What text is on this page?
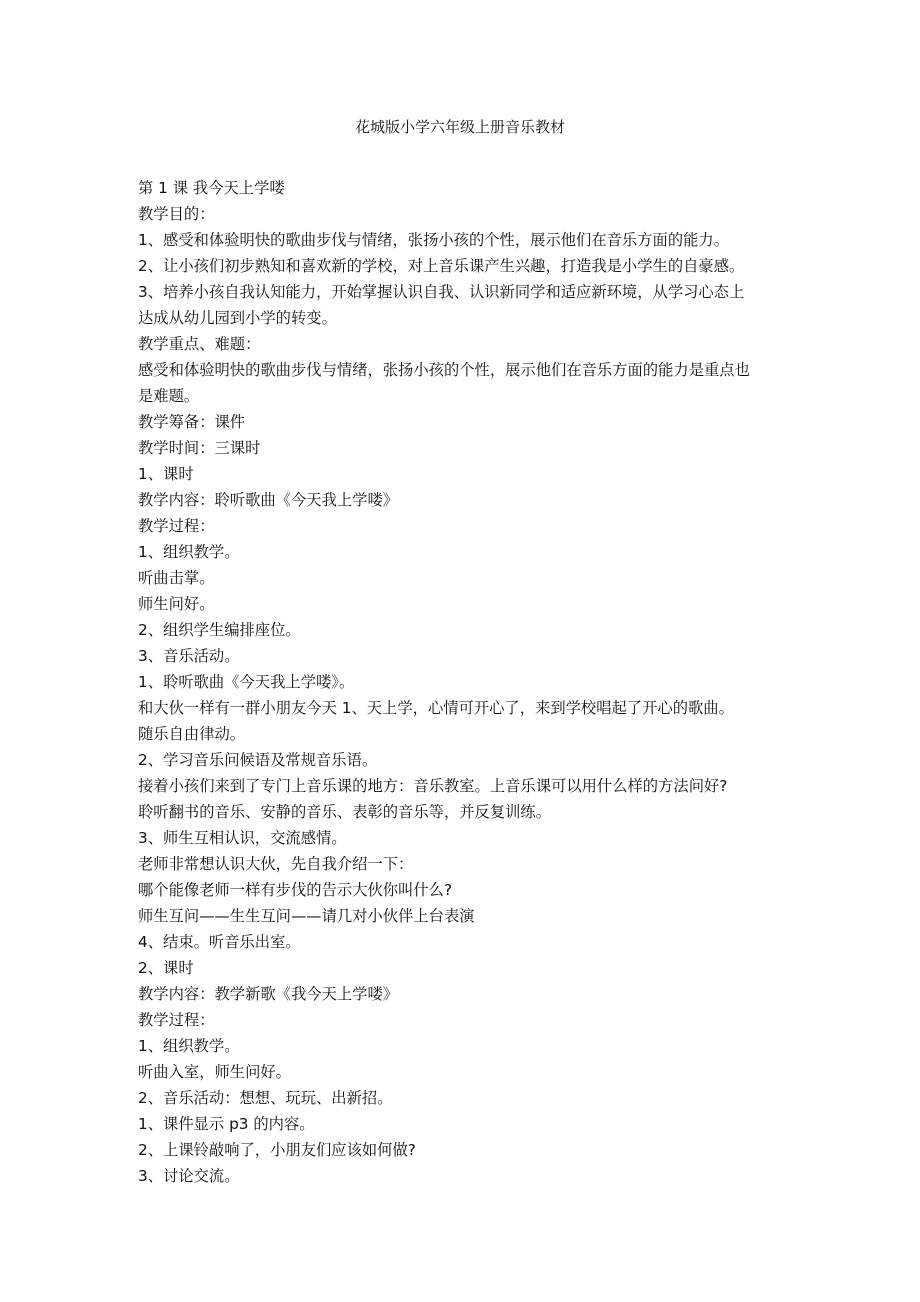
花城版小学六年级上册音乐教材
第 1 课 我今天上学喽
教学目的：
1、感受和体验明快的歌曲步伐与情绪，张扬小孩的个性，展示他们在音乐方面的能力。
2、让小孩们初步熟知和喜欢新的学校，对上音乐课产生兴趣，打造我是小学生的自豪感。
3、培养小孩自我认知能力，开始掌握认识自我、认识新同学和适应新环境，从学习心态上
达成从幼儿园到小学的转变。
教学重点、难题：
感受和体验明快的歌曲步伐与情绪，张扬小孩的个性，展示他们在音乐方面的能力是重点也
是难题。
教学筹备：课件
教学时间：三课时
1、课时
教学内容：聆听歌曲《今天我上学喽》
教学过程：
1、组织教学。
听曲击掌。
师生问好。
2、组织学生编排座位。
3、音乐活动。
1、聆听歌曲《今天我上学喽》。
和大伙一样有一群小朋友今天 1、天上学，心情可开心了，来到学校唱起了开心的歌曲。
随乐自由律动。
2、学习音乐问候语及常规音乐语。
接着小孩们来到了专门上音乐课的地方：音乐教室。上音乐课可以用什么样的方法问好?
聆听翻书的音乐、安静的音乐、表彰的音乐等，并反复训练。
3、师生互相认识，交流感情。
老师非常想认识大伙，先自我介绍一下：
哪个能像老师一样有步伐的告示大伙你叫什么?
师生互问——生生互问——请几对小伙伴上台表演
4、结束。听音乐出室。
2、课时
教学内容：教学新歌《我今天上学喽》
教学过程：
1、组织教学。
听曲入室，师生问好。
2、音乐活动：想想、玩玩、出新招。
1、课件显示 p3 的内容。
2、上课铃敲响了，小朋友们应该如何做?
3、讨论交流。
